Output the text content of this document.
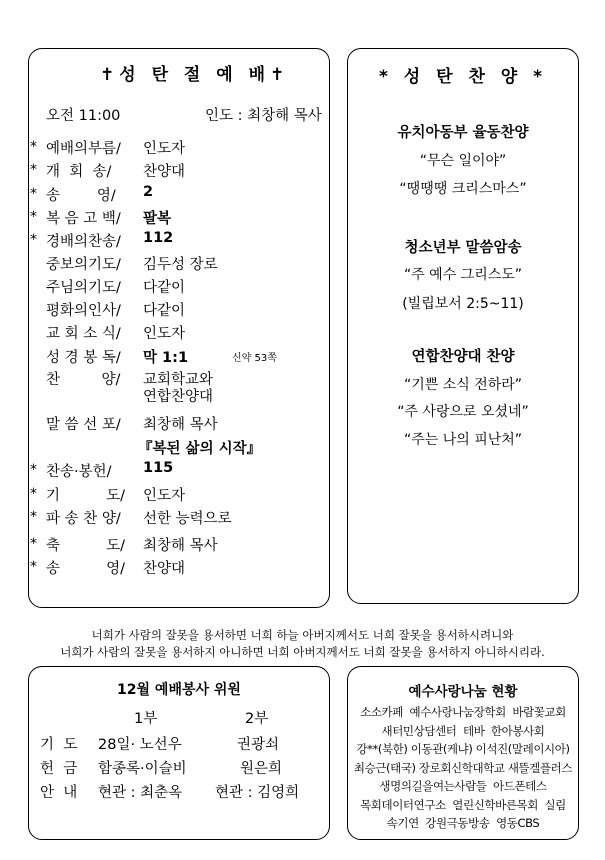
✝성 탄 절 예 배✝
오전 11:00	인도 : 최창해 목사
* 예배의부름/ 인도자
* 개  회  송/ 찬양대
* 송        영/ 2
* 복 음 고 백/ 팔복
* 경배의찬송/ 112
중보의기도/ 김두성 장로
주님의기도/ 다같이
평화의인사/ 다같이
교 회 소 식/ 인도자
성 경 봉 독/ 막 1:1	신약 53쪽
찬         양/ 교회학교와
연합찬양대
말 씀 선 포/ 최창해 목사
『복된 삶의 시작』
* 찬송·봉헌/ 115
* 기          도/ 인도자
* 파 송 찬 양/ 선한 능력으로
* 축          도/ 최창해 목사
* 송          영/ 찬양대
* 성 탄 찬 양 *
유치아동부 율동찬양
“무슨 일이야”
“땡땡땡 크리스마스”
청소년부 말씀암송
“주 예수 그리스도”
(빌립보서 2:5~11)
연합찬양대 찬양
“기쁜 소식 전하라”
“주 사랑으로 오셨네”
“주는 나의 피난처”
너희가 사람의 잘못을 용서하면 너희 하늘 아버지께서도 너희 잘못을 용서하시려니와
너희가 사람의 잘못을 용서하지 아니하면 너희 아버지께서도 너희 잘못을 용서하지 아니하시리라.
12월 예배봉사 위원
1부	2부
기  도 28일· 노선우	권광쇠
헌  금 함종록·이슬비	원은희
안  내 현관 : 최춘옥 현관 : 김영희
예수사랑나눔 현황
소소카페  예수사랑나눔장학회  바람꽃교회
새터민상담센터  테바  한아봉사회
강**(북한) 이동관(케냐) 이석진(말레이시아)
최승근(태국) 장로회신학대학교 새뜰겔플러스
생명의길을여는사람들  아드폰테스
목회데이터연구소  열린신학바른목회  실림
속기연  강원극동방송  영동CBS
